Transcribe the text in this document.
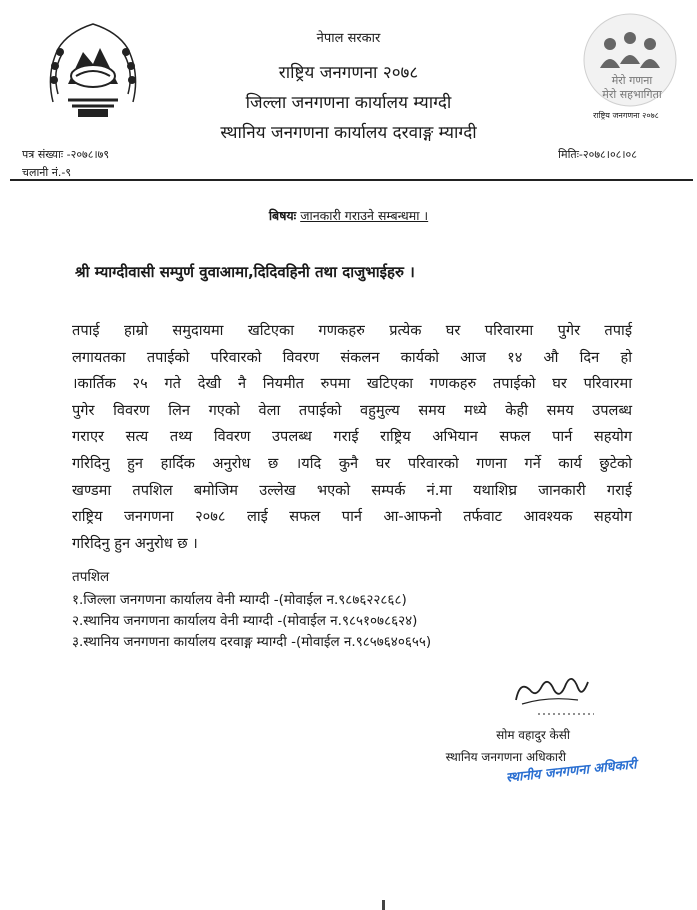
मेरो गणना
मेरो सहभागिता
राष्ट्रिय जनगणना २०७८
नेपाल सरकार
राष्ट्रिय जनगणना २०७८
जिल्ला जनगणना कार्यालय म्याग्दी
स्थानिय जनगणना कार्यालय दरवाङ्ग म्याग्दी
पत्र संख्याः -२०७८।७९
चलानी नं.-९
मितिः-२०७८।०८।०८
बिषयः जानकारी गराउने सम्बन्धमा ।
श्री म्याग्दीवासी सम्पुर्ण वुवाआमा,दिदिवहिनी तथा दाजुभाईहरु ।
तपाई हाम्रो समुदायमा खटिएका गणकहरु प्रत्येक घर परिवारमा पुगेर तपाई
लगायतका तपाईको परिवारको विवरण संकलन कार्यको आज १४ औ दिन हो
।कार्तिक २५ गते देखी नै नियमीत रुपमा खटिएका गणकहरु तपाईको घर परिवारमा
पुगेर विवरण लिन गएको वेला तपाईको वहुमुल्य समय मध्ये केही समय उपलब्ध
गराएर सत्य तथ्य विवरण उपलब्ध गराई राष्ट्रिय अभियान सफल पार्न सहयोग
गरिदिनु हुन हार्दिक अनुरोध छ ।यदि कुनै घर परिवारको गणना गर्ने कार्य छुटेको
खण्डमा तपशिल बमोजिम उल्लेख भएको सम्पर्क नं.मा यथाशिघ्र जानकारी गराई
राष्ट्रिय जनगणना २०७८ लाई सफल पार्न आ-आफनो तर्फवाट आवश्यक सहयोग
गरिदिनु हुन अनुरोध छ ।
तपशिल
१.जिल्ला जनगणना कार्यालय वेनी म्याग्दी -(मोवाईल न.९८७६२२८६८)
२.स्थानिय जनगणना कार्यालय वेनी म्याग्दी -(मोवाईल न.९८५१०७८६२४)
३.स्थानिय जनगणना कार्यालय दरवाङ्ग म्याग्दी -(मोवाईल न.९८५७६४०६५५)
सोम वहादुर केसी
स्थानिय जनगणना अधिकारी
स्थानीय जनगणना अधिकारी
